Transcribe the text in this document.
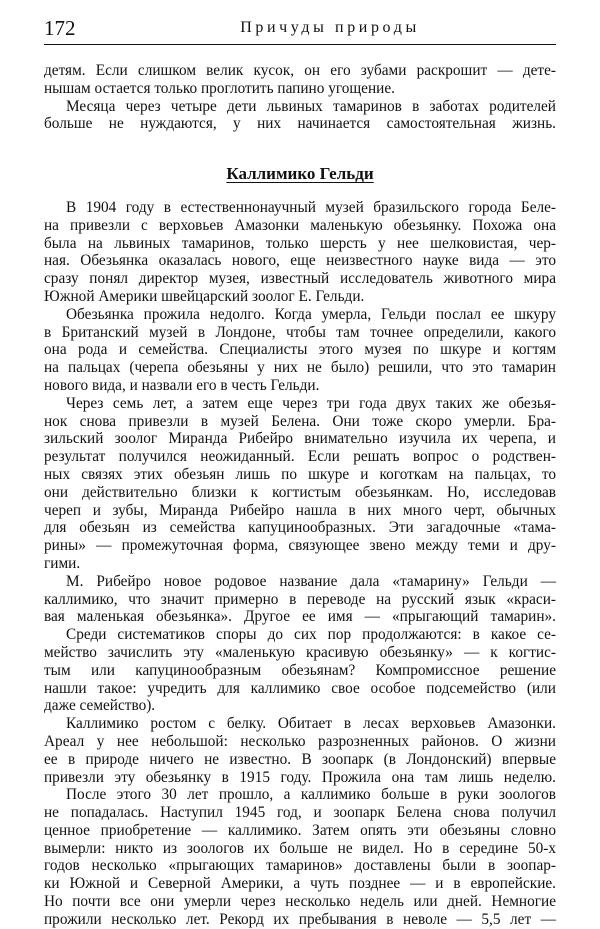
172	Причуды природы
детям. Если слишком велик кусок, он его зубами раскрошит — дете-
нышам остается только проглотить папино угощение.
Месяца через четыре дети львиных тамаринов в заботах родителей
больше не нуждаются, у них начинается самостоятельная жизнь.
Каллимико Гельди
В 1904 году в естественнонаучный музей бразильского города Беле-
на привезли с верховьев Амазонки маленькую обезьянку. Похожа она
была на львиных тамаринов, только шерсть у нее шелковистая, чер-
ная. Обезьянка оказалась нового, еще неизвестного науке вида — это
сразу понял директор музея, известный исследователь животного мира
Южной Америки швейцарский зоолог Е. Гельди.
Обезьянка прожила недолго. Когда умерла, Гельди послал ее шкуру
в Британский музей в Лондоне, чтобы там точнее определили, какого
она рода и семейства. Специалисты этого музея по шкуре и когтям
на пальцах (черепа обезьяны у них не было) решили, что это тамарин
нового вида, и назвали его в честь Гельди.
Через семь лет, а затем еще через три года двух таких же обезья-
нок снова привезли в музей Белена. Они тоже скоро умерли. Бра-
зильский зоолог Миранда Рибейро внимательно изучила их черепа, и
результат получился неожиданный. Если решать вопрос о родствен-
ных связях этих обезьян лишь по шкуре и коготкам на пальцах, то
они действительно близки к когтистым обезьянкам. Но, исследовав
череп и зубы, Миранда Рибейро нашла в них много черт, обычных
для обезьян из семейства капуцинообразных. Эти загадочные «тама-
рины» — промежуточная форма, связующее звено между теми и дру-
гими.
М. Рибейро новое родовое название дала «тамарину» Гельди —
каллимико, что значит примерно в переводе на русский язык «краси-
вая маленькая обезьянка». Другое ее имя — «прыгающий тамарин».
Среди систематиков споры до сих пор продолжаются: в какое се-
мейство зачислить эту «маленькую красивую обезьянку» — к когтис-
тым или капуцинообразным обезьянам? Компромиссное решение
нашли такое: учредить для каллимико свое особое подсемейство (или
даже семейство).
Каллимико ростом с белку. Обитает в лесах верховьев Амазонки.
Ареал у нее небольшой: несколько разрозненных районов. О жизни
ее в природе ничего не известно. В зоопарк (в Лондонский) впервые
привезли эту обезьянку в 1915 году. Прожила она там лишь неделю.
После этого 30 лет прошло, а каллимико больше в руки зоологов
не попадалась. Наступил 1945 год, и зоопарк Белена снова получил
ценное приобретение — каллимико. Затем опять эти обезьяны словно
вымерли: никто из зоологов их больше не видел. Но в середине 50-х
годов несколько «прыгающих тамаринов» доставлены были в зоопар-
ки Южной и Северной Америки, а чуть позднее — и в европейские.
Но почти все они умерли через несколько недель или дней. Немногие
прожили несколько лет. Рекорд их пребывания в неволе — 5,5 лет —
